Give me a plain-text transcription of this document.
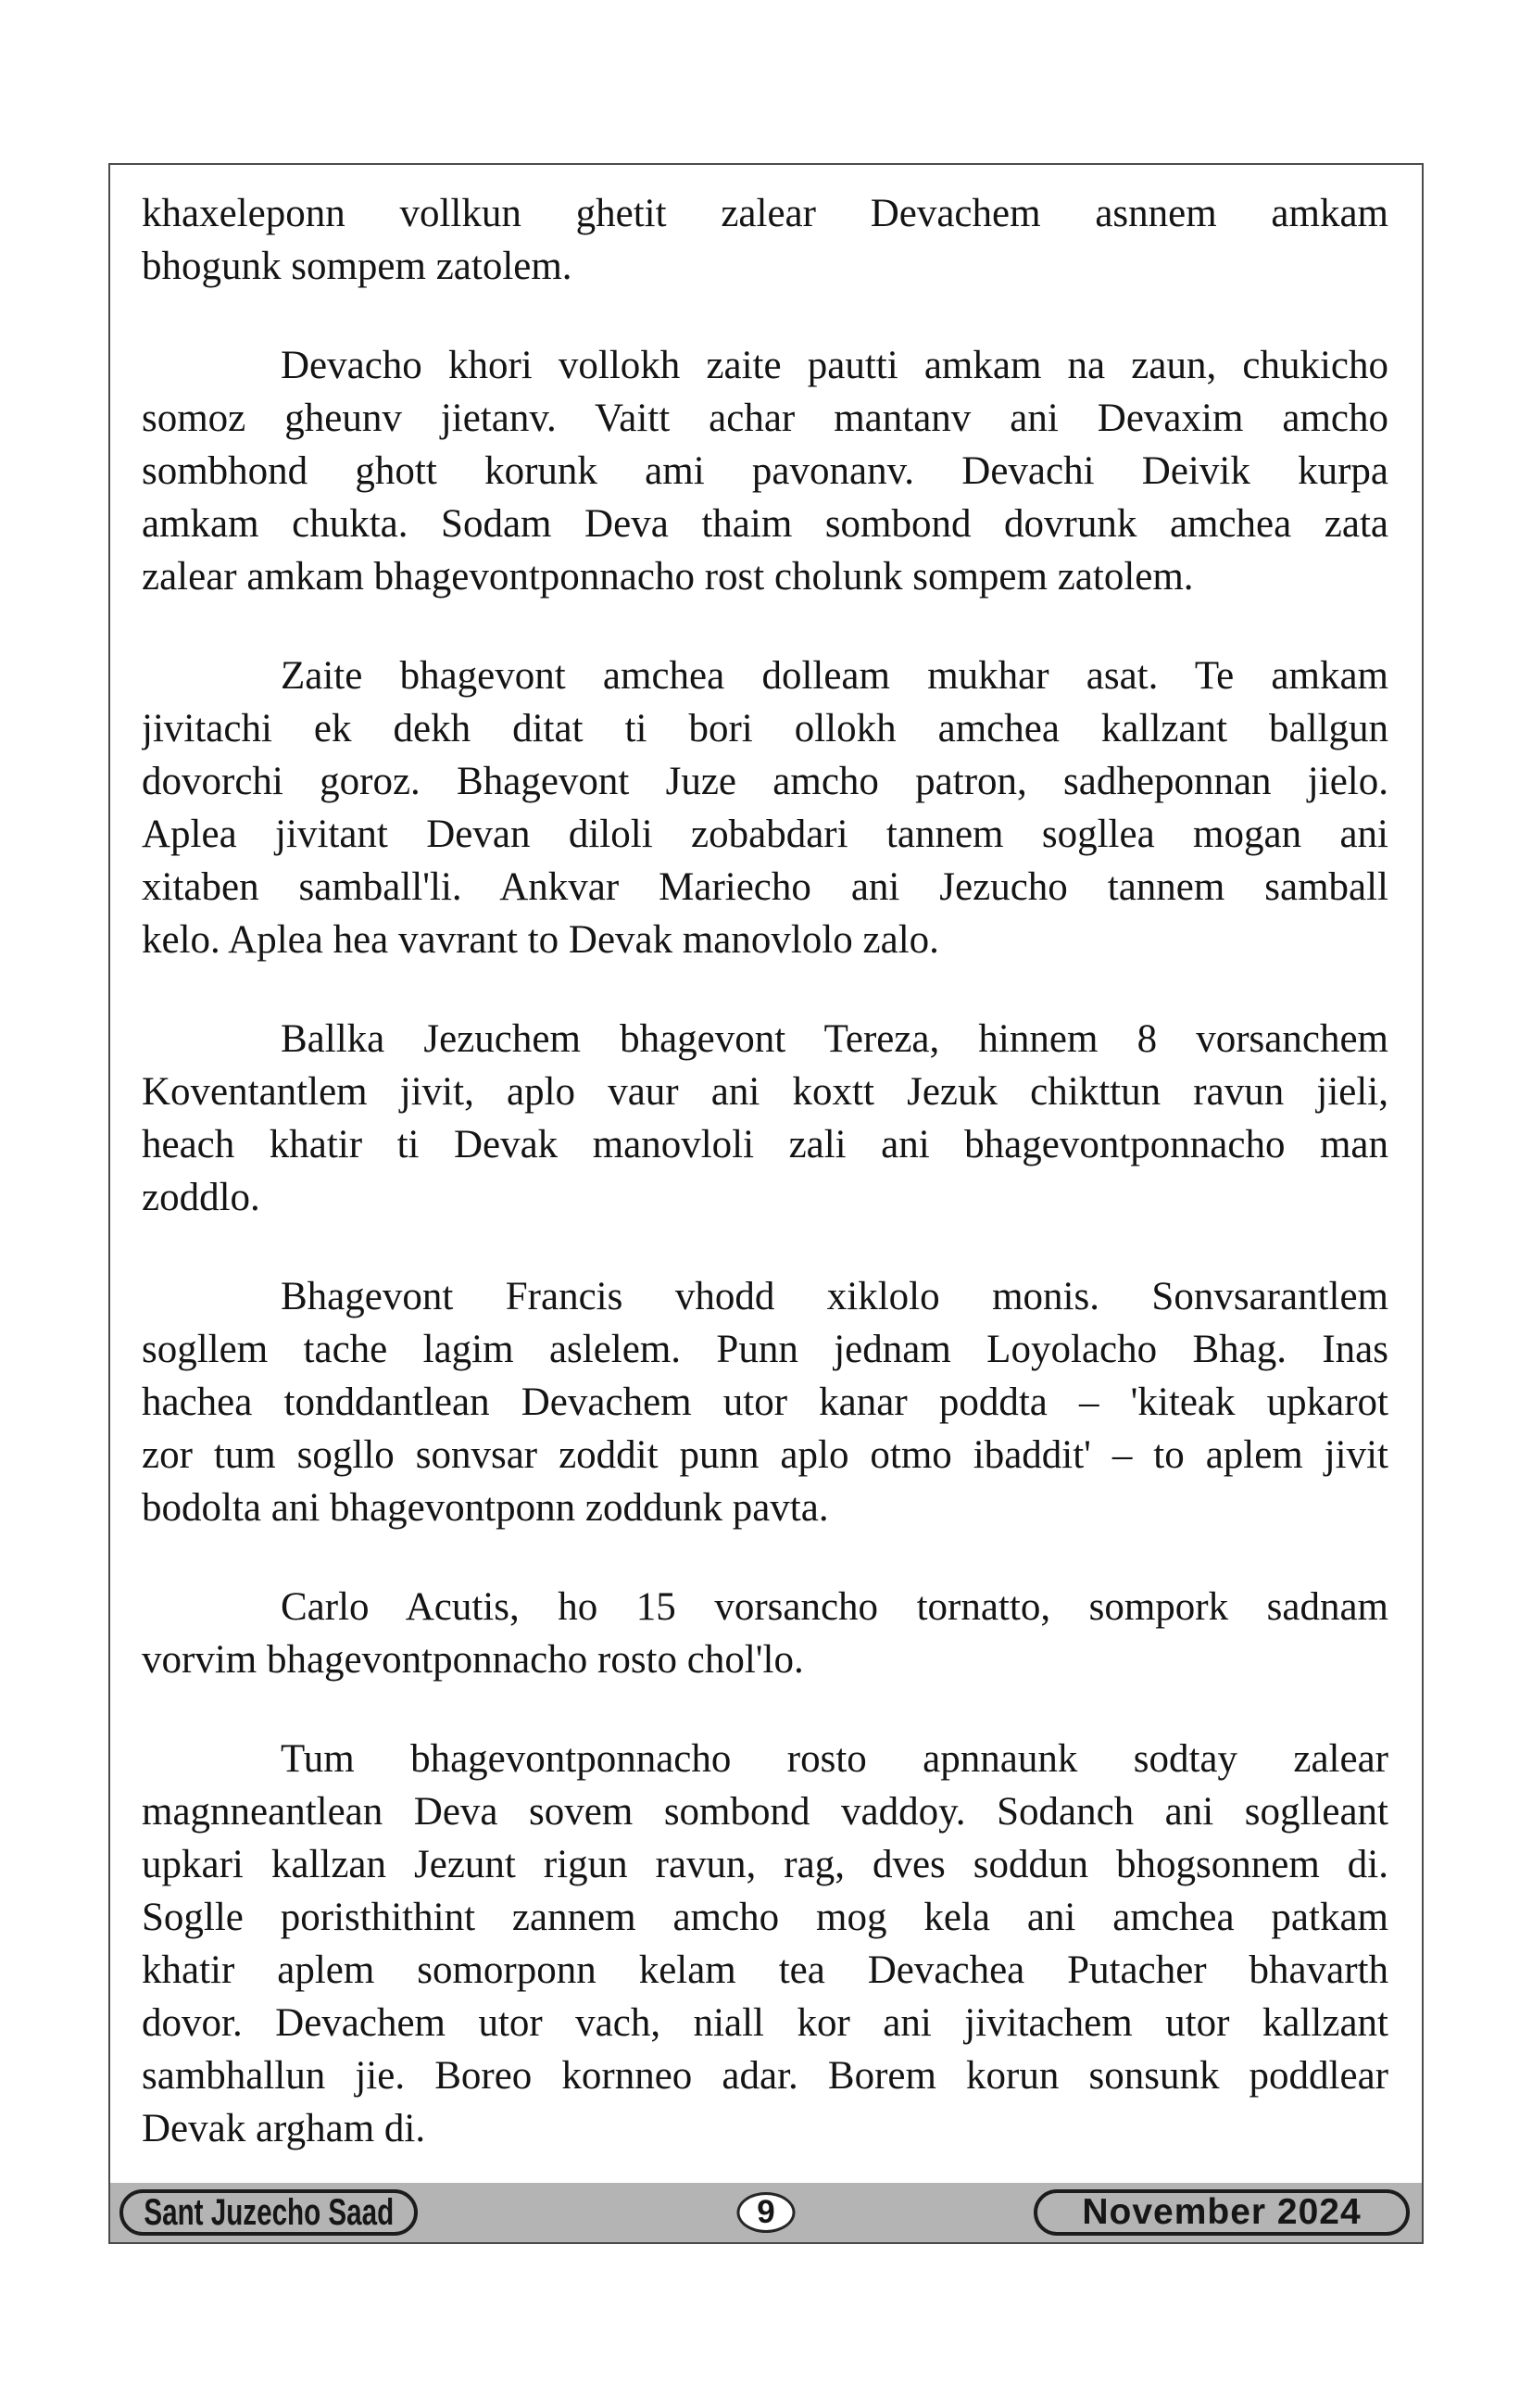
khaxeleponn vollkun ghetit zalear Devachem asnnem amkam
bhogunk sompem zatolem.
Devacho khori vollokh zaite pautti amkam na zaun, chukicho
somoz gheunv jietanv. Vaitt achar mantanv ani Devaxim amcho
sombhond ghott korunk ami pavonanv. Devachi Deivik kurpa
amkam chukta. Sodam Deva thaim sombond dovrunk amchea zata
zalear amkam bhagevontponnacho rost cholunk sompem zatolem.
Zaite bhagevont amchea dolleam mukhar asat. Te amkam
jivitachi ek dekh ditat ti bori ollokh amchea kallzant ballgun
dovorchi goroz. Bhagevont Juze amcho patron, sadheponnan jielo.
Aplea jivitant Devan diloli zobabdari tannem sogllea mogan ani
xitaben samball'li. Ankvar Mariecho ani Jezucho tannem samball
kelo. Aplea hea vavrant to Devak manovlolo zalo.
Ballka Jezuchem bhagevont Tereza, hinnem 8 vorsanchem
Koventantlem jivit, aplo vaur ani koxtt Jezuk chikttun ravun jieli,
heach khatir ti Devak manovloli zali ani bhagevontponnacho man
zoddlo.
Bhagevont Francis vhodd xiklolo monis. Sonvsarantlem
sogllem tache lagim aslelem. Punn jednam Loyolacho Bhag. Inas
hachea tonddantlean Devachem utor kanar poddta – 'kiteak upkarot
zor tum sogllo sonvsar zoddit punn aplo otmo ibaddit' – to aplem jivit
bodolta ani bhagevontponn zoddunk pavta.
Carlo Acutis, ho 15 vorsancho tornatto, sompork sadnam
vorvim bhagevontponnacho rosto chol'lo.
Tum bhagevontponnacho rosto apnnaunk sodtay zalear
magnneantlean Deva sovem sombond vaddoy. Sodanch ani soglleant
upkari kallzan Jezunt rigun ravun, rag, dves soddun bhogsonnem di.
Soglle poristhithint zannem amcho mog kela ani amchea patkam
khatir aplem somorponn kelam tea Devachea Putacher bhavarth
dovor. Devachem utor vach, niall kor ani jivitachem utor kallzant
sambhallun jie. Boreo kornneo adar. Borem korun sonsunk poddlear
Devak argham di.
Sant Juzecho Saad	9	November 2024
